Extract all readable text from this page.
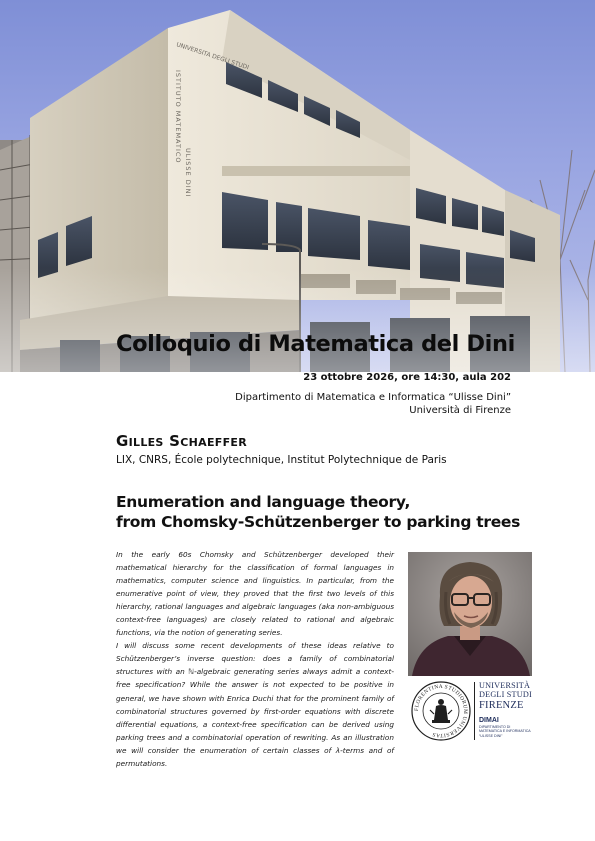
Colloquio di Matematica del Dini
23 ottobre 2026, ore 14:30, aula 202
Dipartimento di Matematica e Informatica “Ulisse Dini”
Università di Firenze
Gilles Schaeffer
LIX, CNRS, École polytechnique, Institut Polytechnique de Paris
Enumeration and language theory,
from Chomsky-Schützenberger to parking trees

In the early 60s Chomsky and Schützenberger developed their mathematical hierarchy for the classification of formal languages in mathematics, computer science and linguistics. In particular, from the enumerative point of view, they proved that the first two levels of this hierarchy, rational languages and algebraic languages (aka non-ambiguous context-free languages) are closely related to rational and algebraic functions, via the notion of generating series.

I will discuss some recent developments of these ideas relative to Schützenberger’s inverse question: does a family of combinatorial structures with an ℕ-algebraic generating series always admit a context-free specification? While the answer is not expected to be positive in general, we have shown with Enrica Duchi that for the prominent family of combinatorial structures governed by first-order equations with discrete differential equations, a context-free specification can be derived using parking trees and a combinatorial operation of rewriting. As an illustration we will consider the enumeration of certain classes of λ-terms and of permutations.

FLORENTINA STUDIORUM UNIVERSITAS
UNIVERSITÀ
DEGLI STUDI
FIRENZE
DIMAI
DIPARTIMENTO DI
MATEMATICA E INFORMATICA
“ULISSE DINI”
